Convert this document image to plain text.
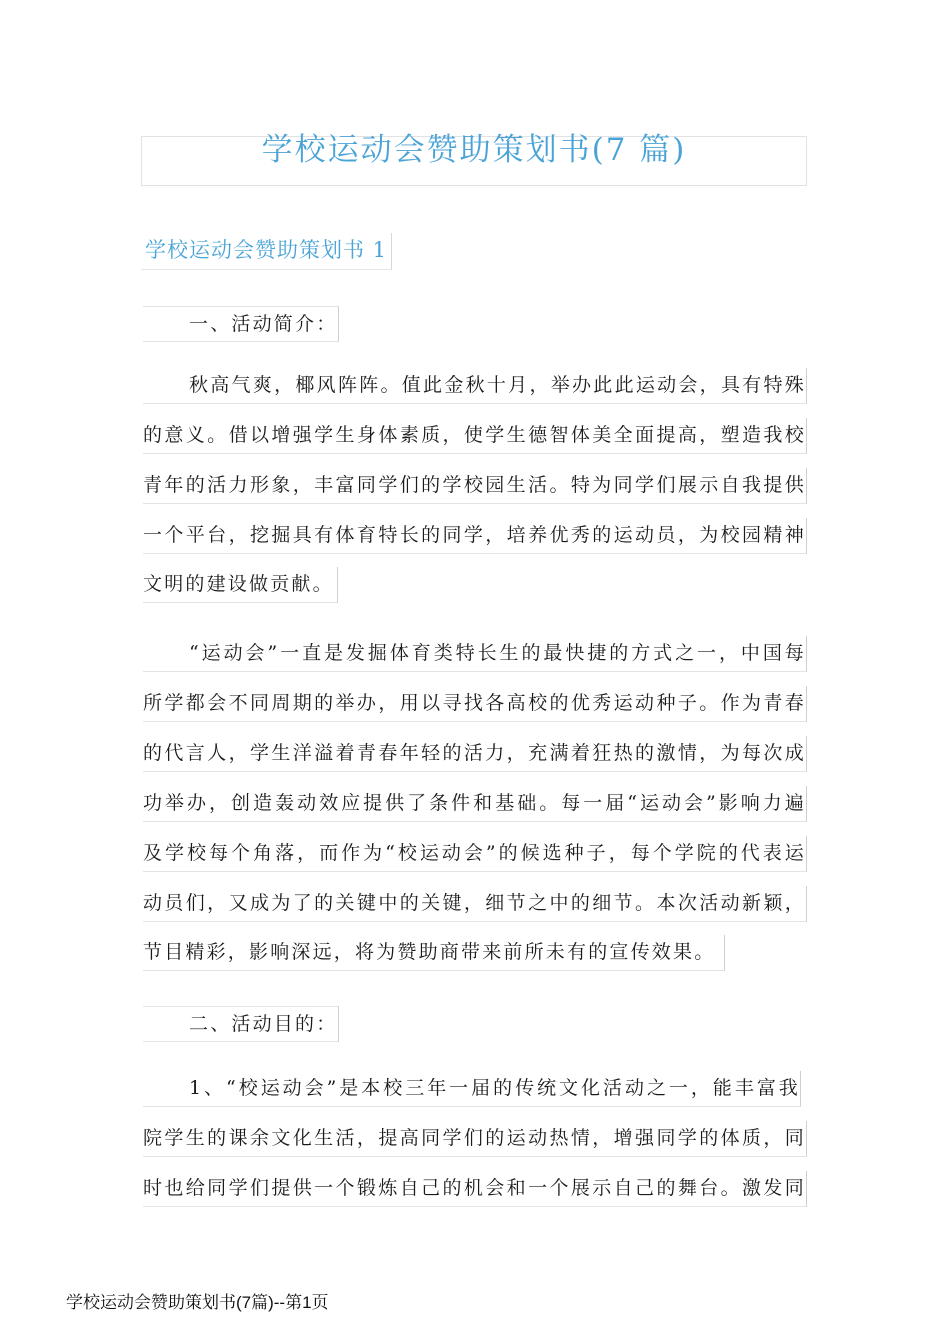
学校运动会赞助策划书(7 篇)
学校运动会赞助策划书 1
一、活动简介：
秋高气爽，椰风阵阵。值此金秋十月，举办此此运动会，具有特殊
的意义。借以增强学生身体素质，使学生德智体美全面提高，塑造我校
青年的活力形象，丰富同学们的学校园生活。特为同学们展示自我提供
一个平台，挖掘具有体育特长的同学，培养优秀的运动员，为校园精神
文明的建设做贡献。
“运动会”一直是发掘体育类特长生的最快捷的方式之一，中国每
所学都会不同周期的举办，用以寻找各高校的优秀运动种子。作为青春
的代言人，学生洋溢着青春年轻的活力，充满着狂热的激情，为每次成
功举办，创造轰动效应提供了条件和基础。每一届“运动会”影响力遍
及学校每个角落，而作为“校运动会”的候选种子，每个学院的代表运
动员们，又成为了的关键中的关键，细节之中的细节。本次活动新颖，
节目精彩，影响深远，将为赞助商带来前所未有的宣传效果。
二、活动目的：
1、“校运动会”是本校三年一届的传统文化活动之一，能丰富我
院学生的课余文化生活，提高同学们的运动热情，增强同学的体质，同
时也给同学们提供一个锻炼自己的机会和一个展示自己的舞台。激发同
学校运动会赞助策划书(7篇)--第1页
